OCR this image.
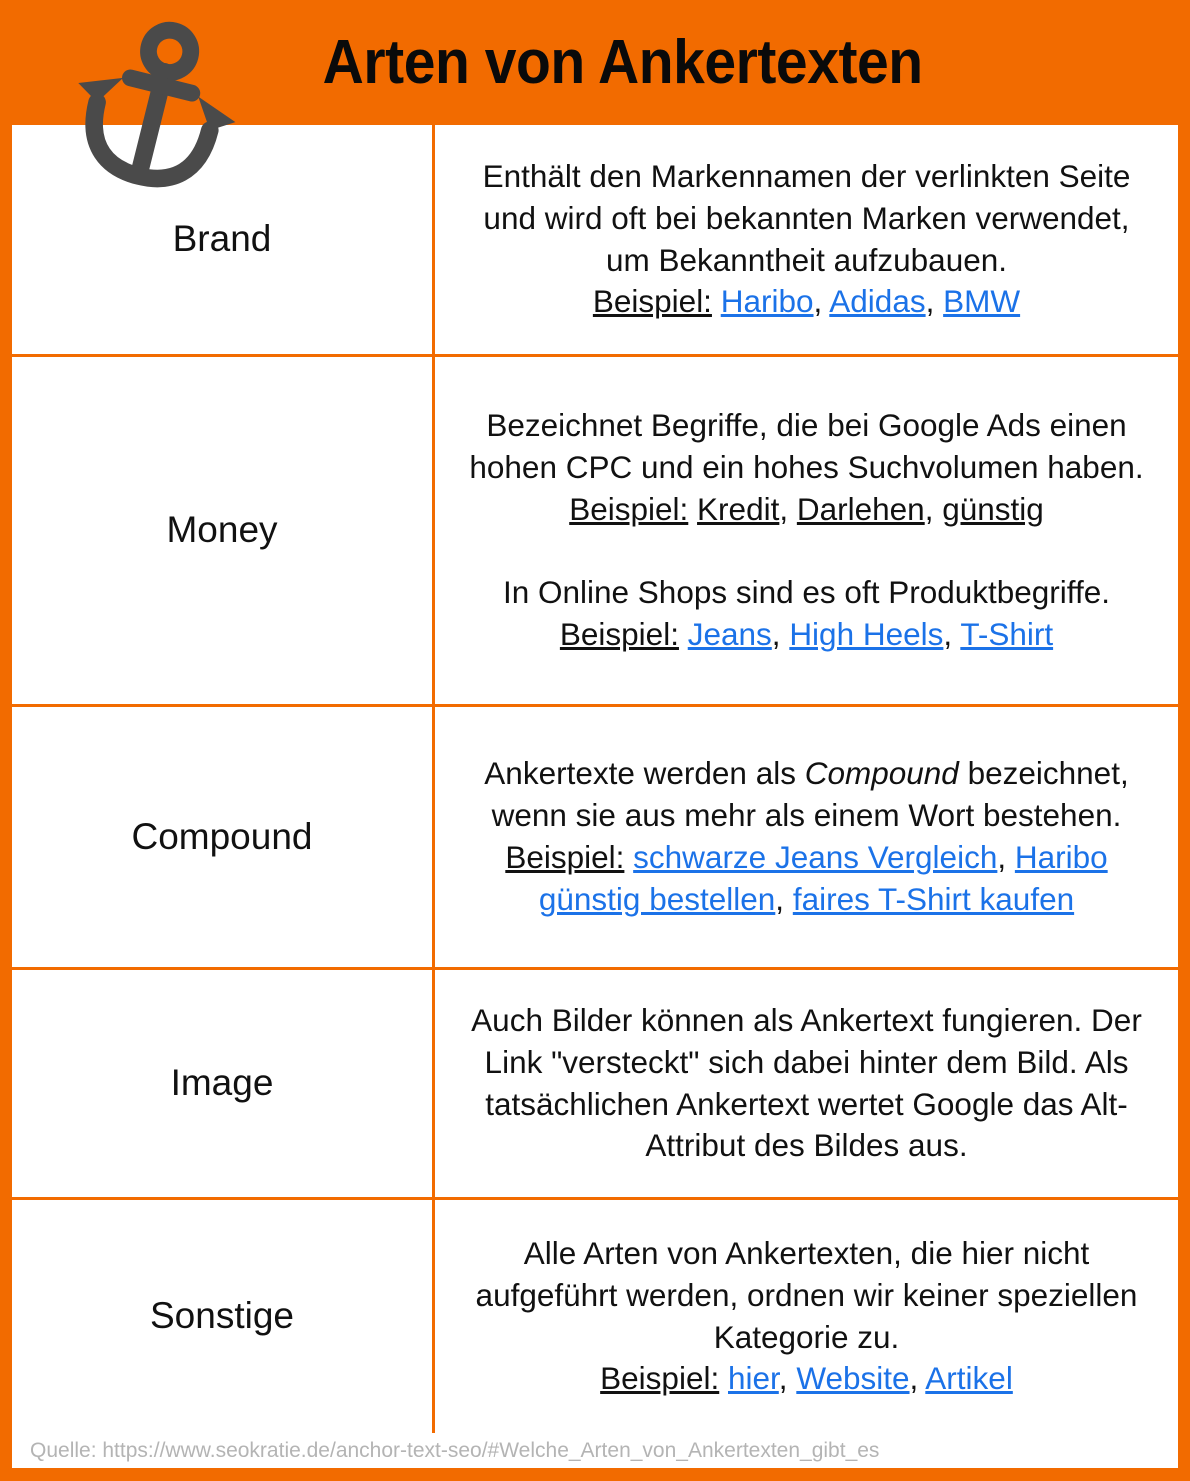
Arten von Ankertexten
Brand

Enthält den Markennamen der verlinkten Seite
und wird oft bei bekannten Marken verwendet,
um Bekanntheit aufzubauen.
Beispiel: Haribo, Adidas, BMW

Money

Bezeichnet Begriffe, die bei Google Ads einen
hohen CPC und ein hohes Suchvolumen haben.
Beispiel: Kredit, Darlehen, günstig

In Online Shops sind es oft Produktbegriffe.
Beispiel: Jeans, High Heels, T-Shirt

Compound

Ankertexte werden als Compound bezeichnet,
wenn sie aus mehr als einem Wort bestehen.
Beispiel: schwarze Jeans Vergleich, Haribo günstig bestellen, faires T-Shirt kaufen

Image

Auch Bilder können als Ankertext fungieren. Der
Link "versteckt" sich dabei hinter dem Bild. Als
tatsächlichen Ankertext wertet Google das Alt-
Attribut des Bildes aus.

Sonstige

Alle Arten von Ankertexten, die hier nicht
aufgeführt werden, ordnen wir keiner speziellen
Kategorie zu.
Beispiel: hier, Website, Artikel

Quelle: https://www.seokratie.de/anchor-text-seo/#Welche_Arten_von_Ankertexten_gibt_es
